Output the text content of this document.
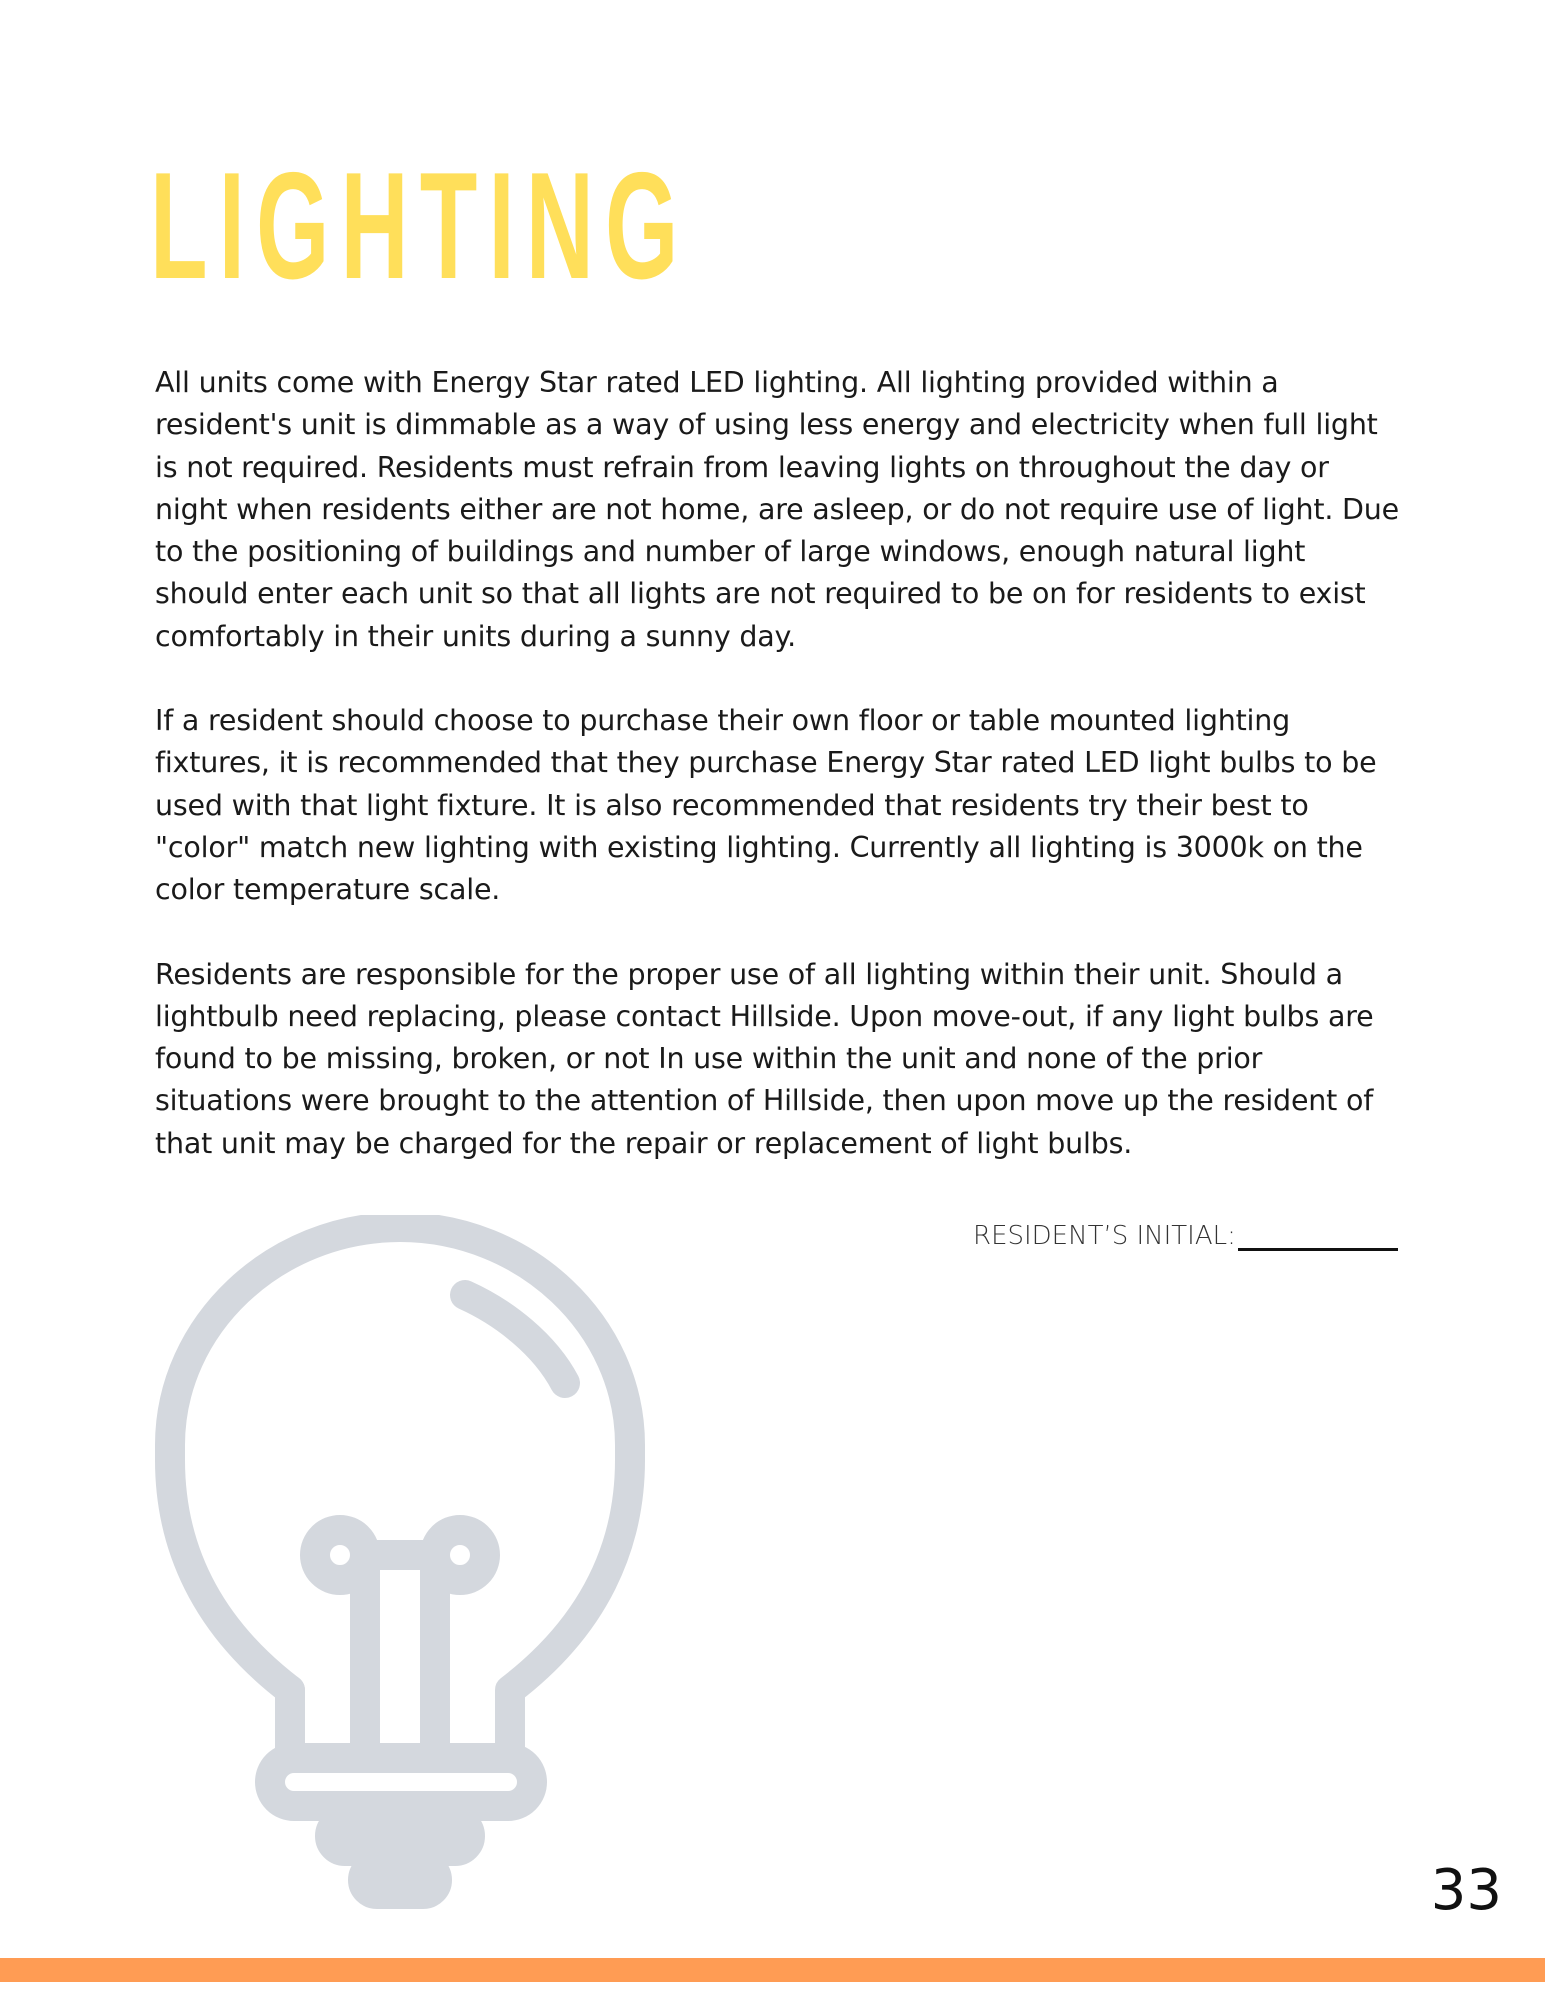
LIGHTING

All units come with Energy Star rated LED lighting. All lighting provided within a resident's unit is dimmable as a way of using less energy and electricity when full light is not required. Residents must refrain from leaving lights on throughout the day or night when residents either are not home, are asleep, or do not require use of light. Due to the positioning of buildings and number of large windows, enough natural light should enter each unit so that all lights are not required to be on for residents to exist comfortably in their units during a sunny day.

If a resident should choose to purchase their own floor or table mounted lighting fixtures, it is recommended that they purchase Energy Star rated LED light bulbs to be used with that light fixture. It is also recommended that residents try their best to "color" match new lighting with existing lighting. Currently all lighting is 3000k on the color temperature scale.

Residents are responsible for the proper use of all lighting within their unit. Should a lightbulb need replacing, please contact Hillside. Upon move-out, if any light bulbs are found to be missing, broken, or not In use within the unit and none of the prior situations were brought to the attention of Hillside, then upon move up the resident of that unit may be charged for the repair or replacement of light bulbs.

RESIDENT’S INITIAL:
33
